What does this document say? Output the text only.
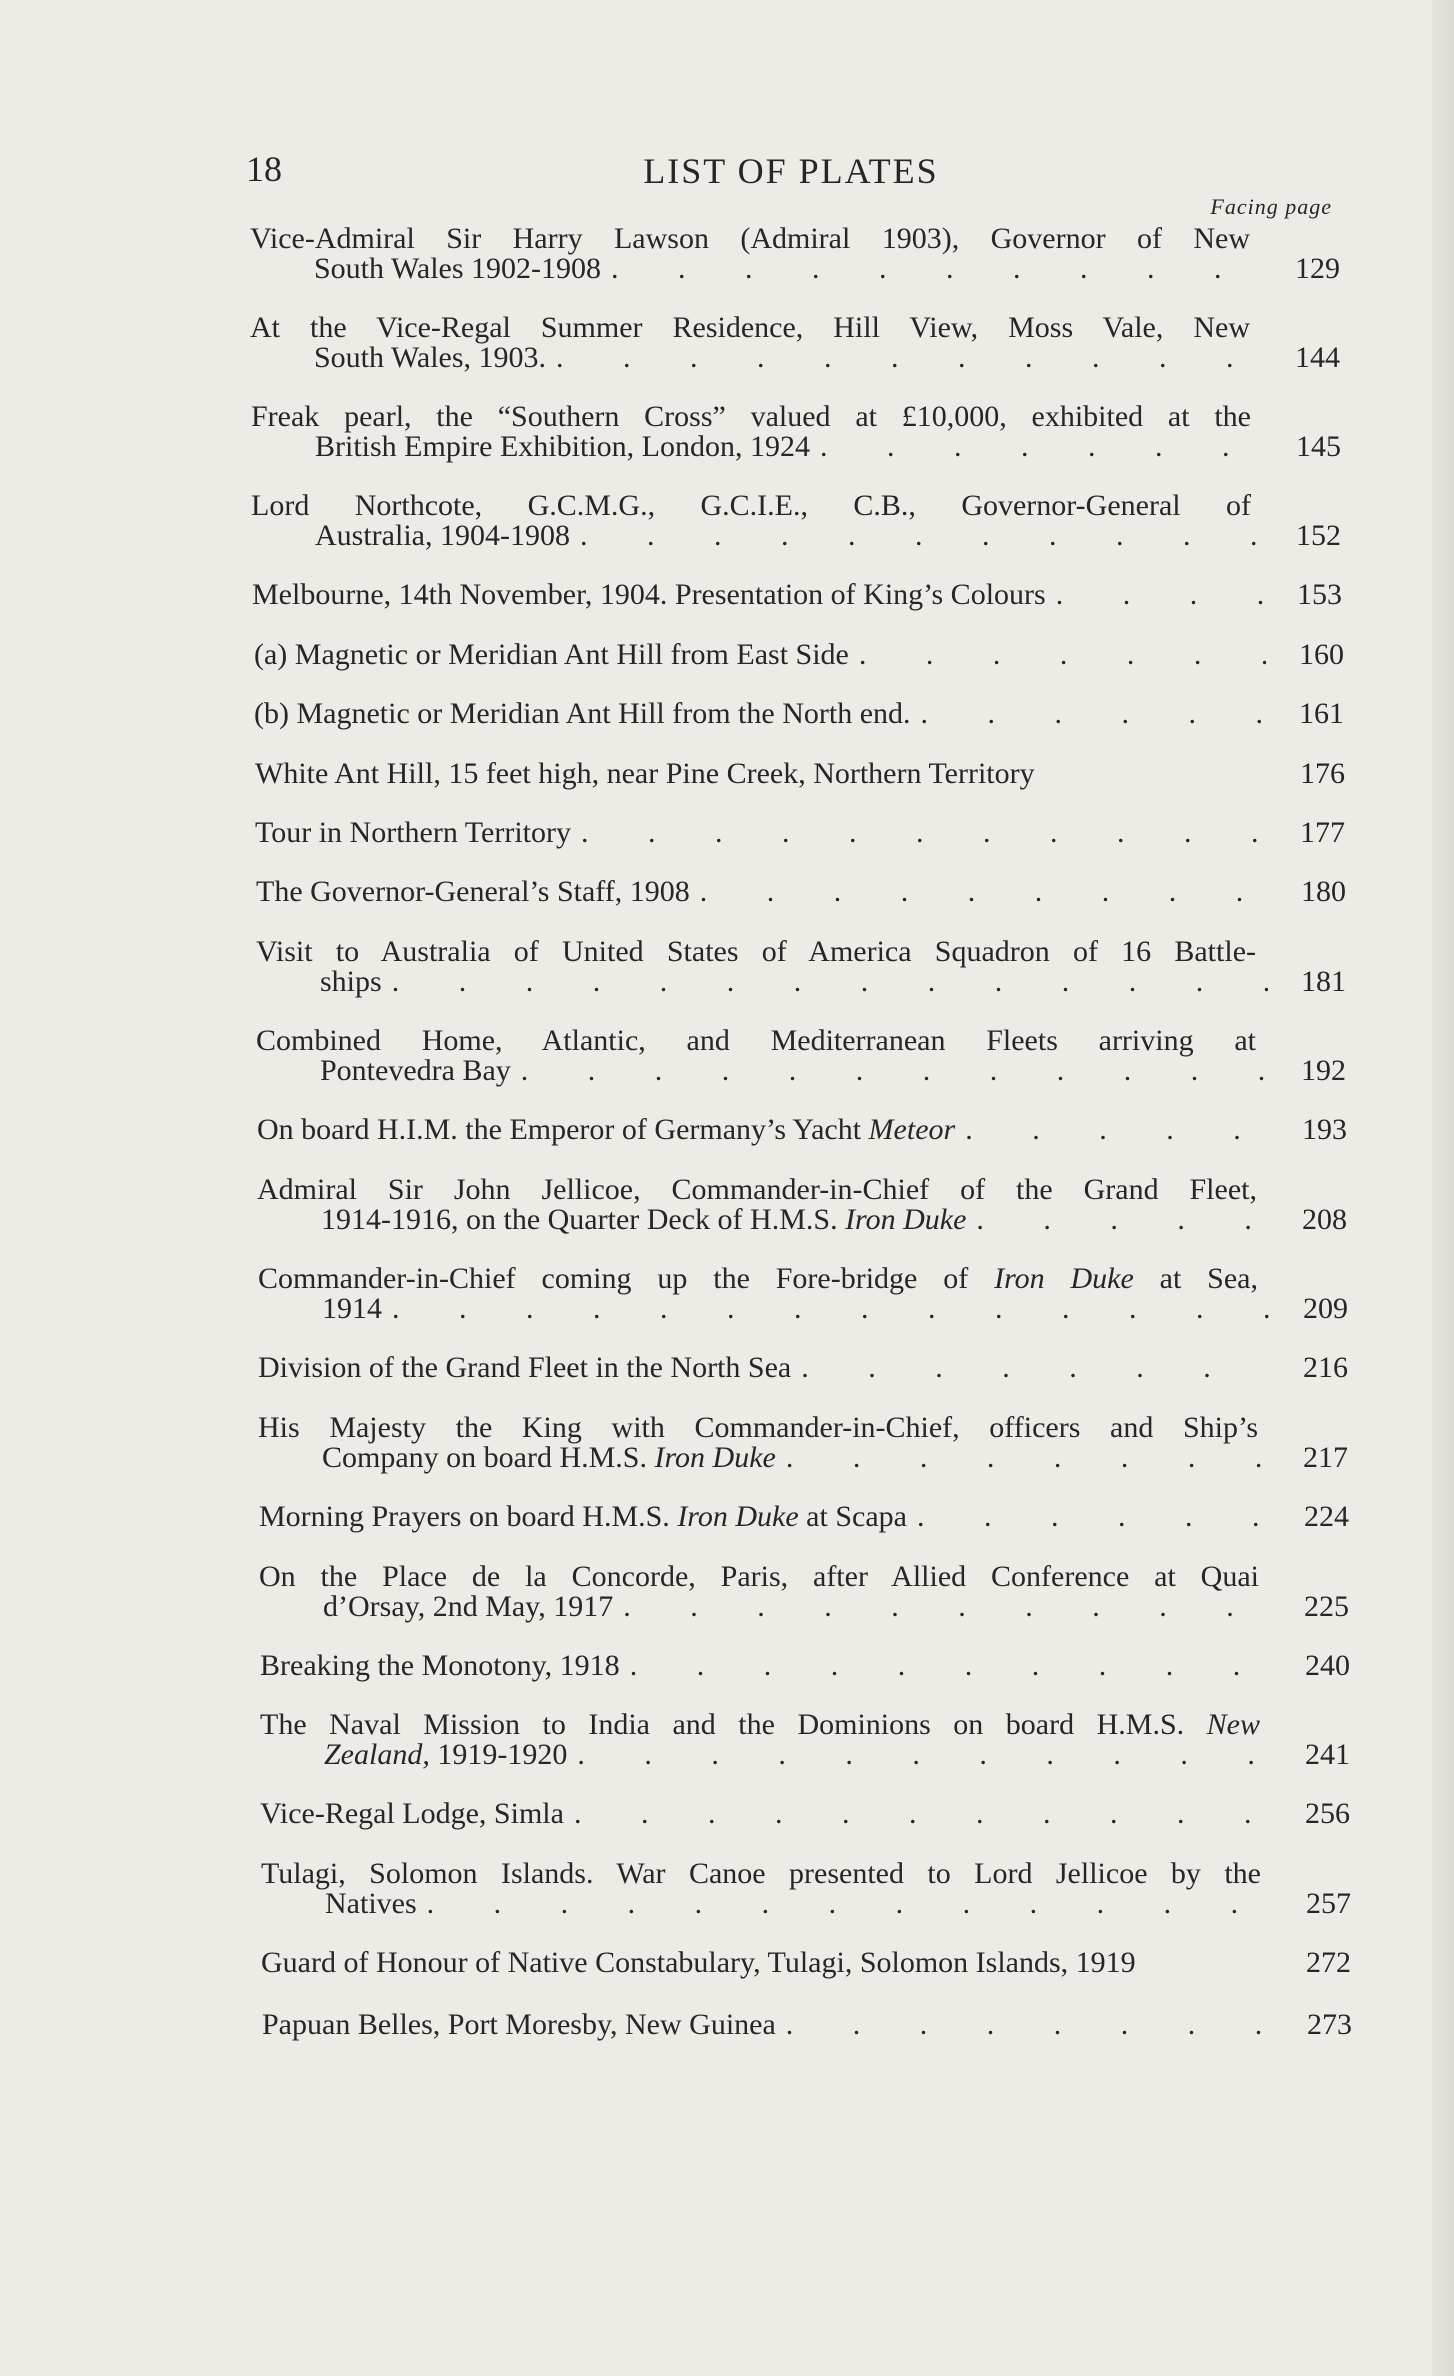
18	LIST OF PLATES
Facing page
Vice-Admiral Sir Harry Lawson (Admiral 1903), Governor of New
South Wales 1902-1908 . . .	129
At the Vice-Regal Summer Residence, Hill View, Moss Vale, New
South Wales, 1903. . . .	144
Freak pearl, the “Southern Cross” valued at £10,000, exhibited at the
British Empire Exhibition, London, 1924 . . .	145
Lord Northcote, G.C.M.G., G.C.I.E., C.B., Governor-General of
Australia, 1904-1908 . . .	152
Melbourne, 14th November, 1904. Presentation of King’s Colours . . .	153
(a) Magnetic or Meridian Ant Hill from East Side . . .	160
(b) Magnetic or Meridian Ant Hill from the North end. . . .	161
White Ant Hill, 15 feet high, near Pine Creek, Northern Territory	176
Tour in Northern Territory . . .	177
The Governor-General’s Staff, 1908 . . .	180
Visit to Australia of United States of America Squadron of 16 Battle-
ships . . .	181
Combined Home, Atlantic, and Mediterranean Fleets arriving at
Pontevedra Bay . . .	192
On board H.I.M. the Emperor of Germany’s Yacht Meteor . . .	193
Admiral Sir John Jellicoe, Commander-in-Chief of the Grand Fleet,
1914-1916, on the Quarter Deck of H.M.S. Iron Duke . . .	208
Commander-in-Chief coming up the Fore-bridge of Iron Duke at Sea,
1914 . . .	209
Division of the Grand Fleet in the North Sea . . .	216
His Majesty the King with Commander-in-Chief, officers and Ship’s
Company on board H.M.S. Iron Duke . . .	217
Morning Prayers on board H.M.S. Iron Duke at Scapa . . .	224
On the Place de la Concorde, Paris, after Allied Conference at Quai
d’Orsay, 2nd May, 1917 . . .	225
Breaking the Monotony, 1918 . . .	240
The Naval Mission to India and the Dominions on board H.M.S. New
Zealand, 1919-1920 . . .	241
Vice-Regal Lodge, Simla . . .	256
Tulagi, Solomon Islands. War Canoe presented to Lord Jellicoe by the
Natives . . .	257
Guard of Honour of Native Constabulary, Tulagi, Solomon Islands, 1919	272
Papuan Belles, Port Moresby, New Guinea . . .	273
